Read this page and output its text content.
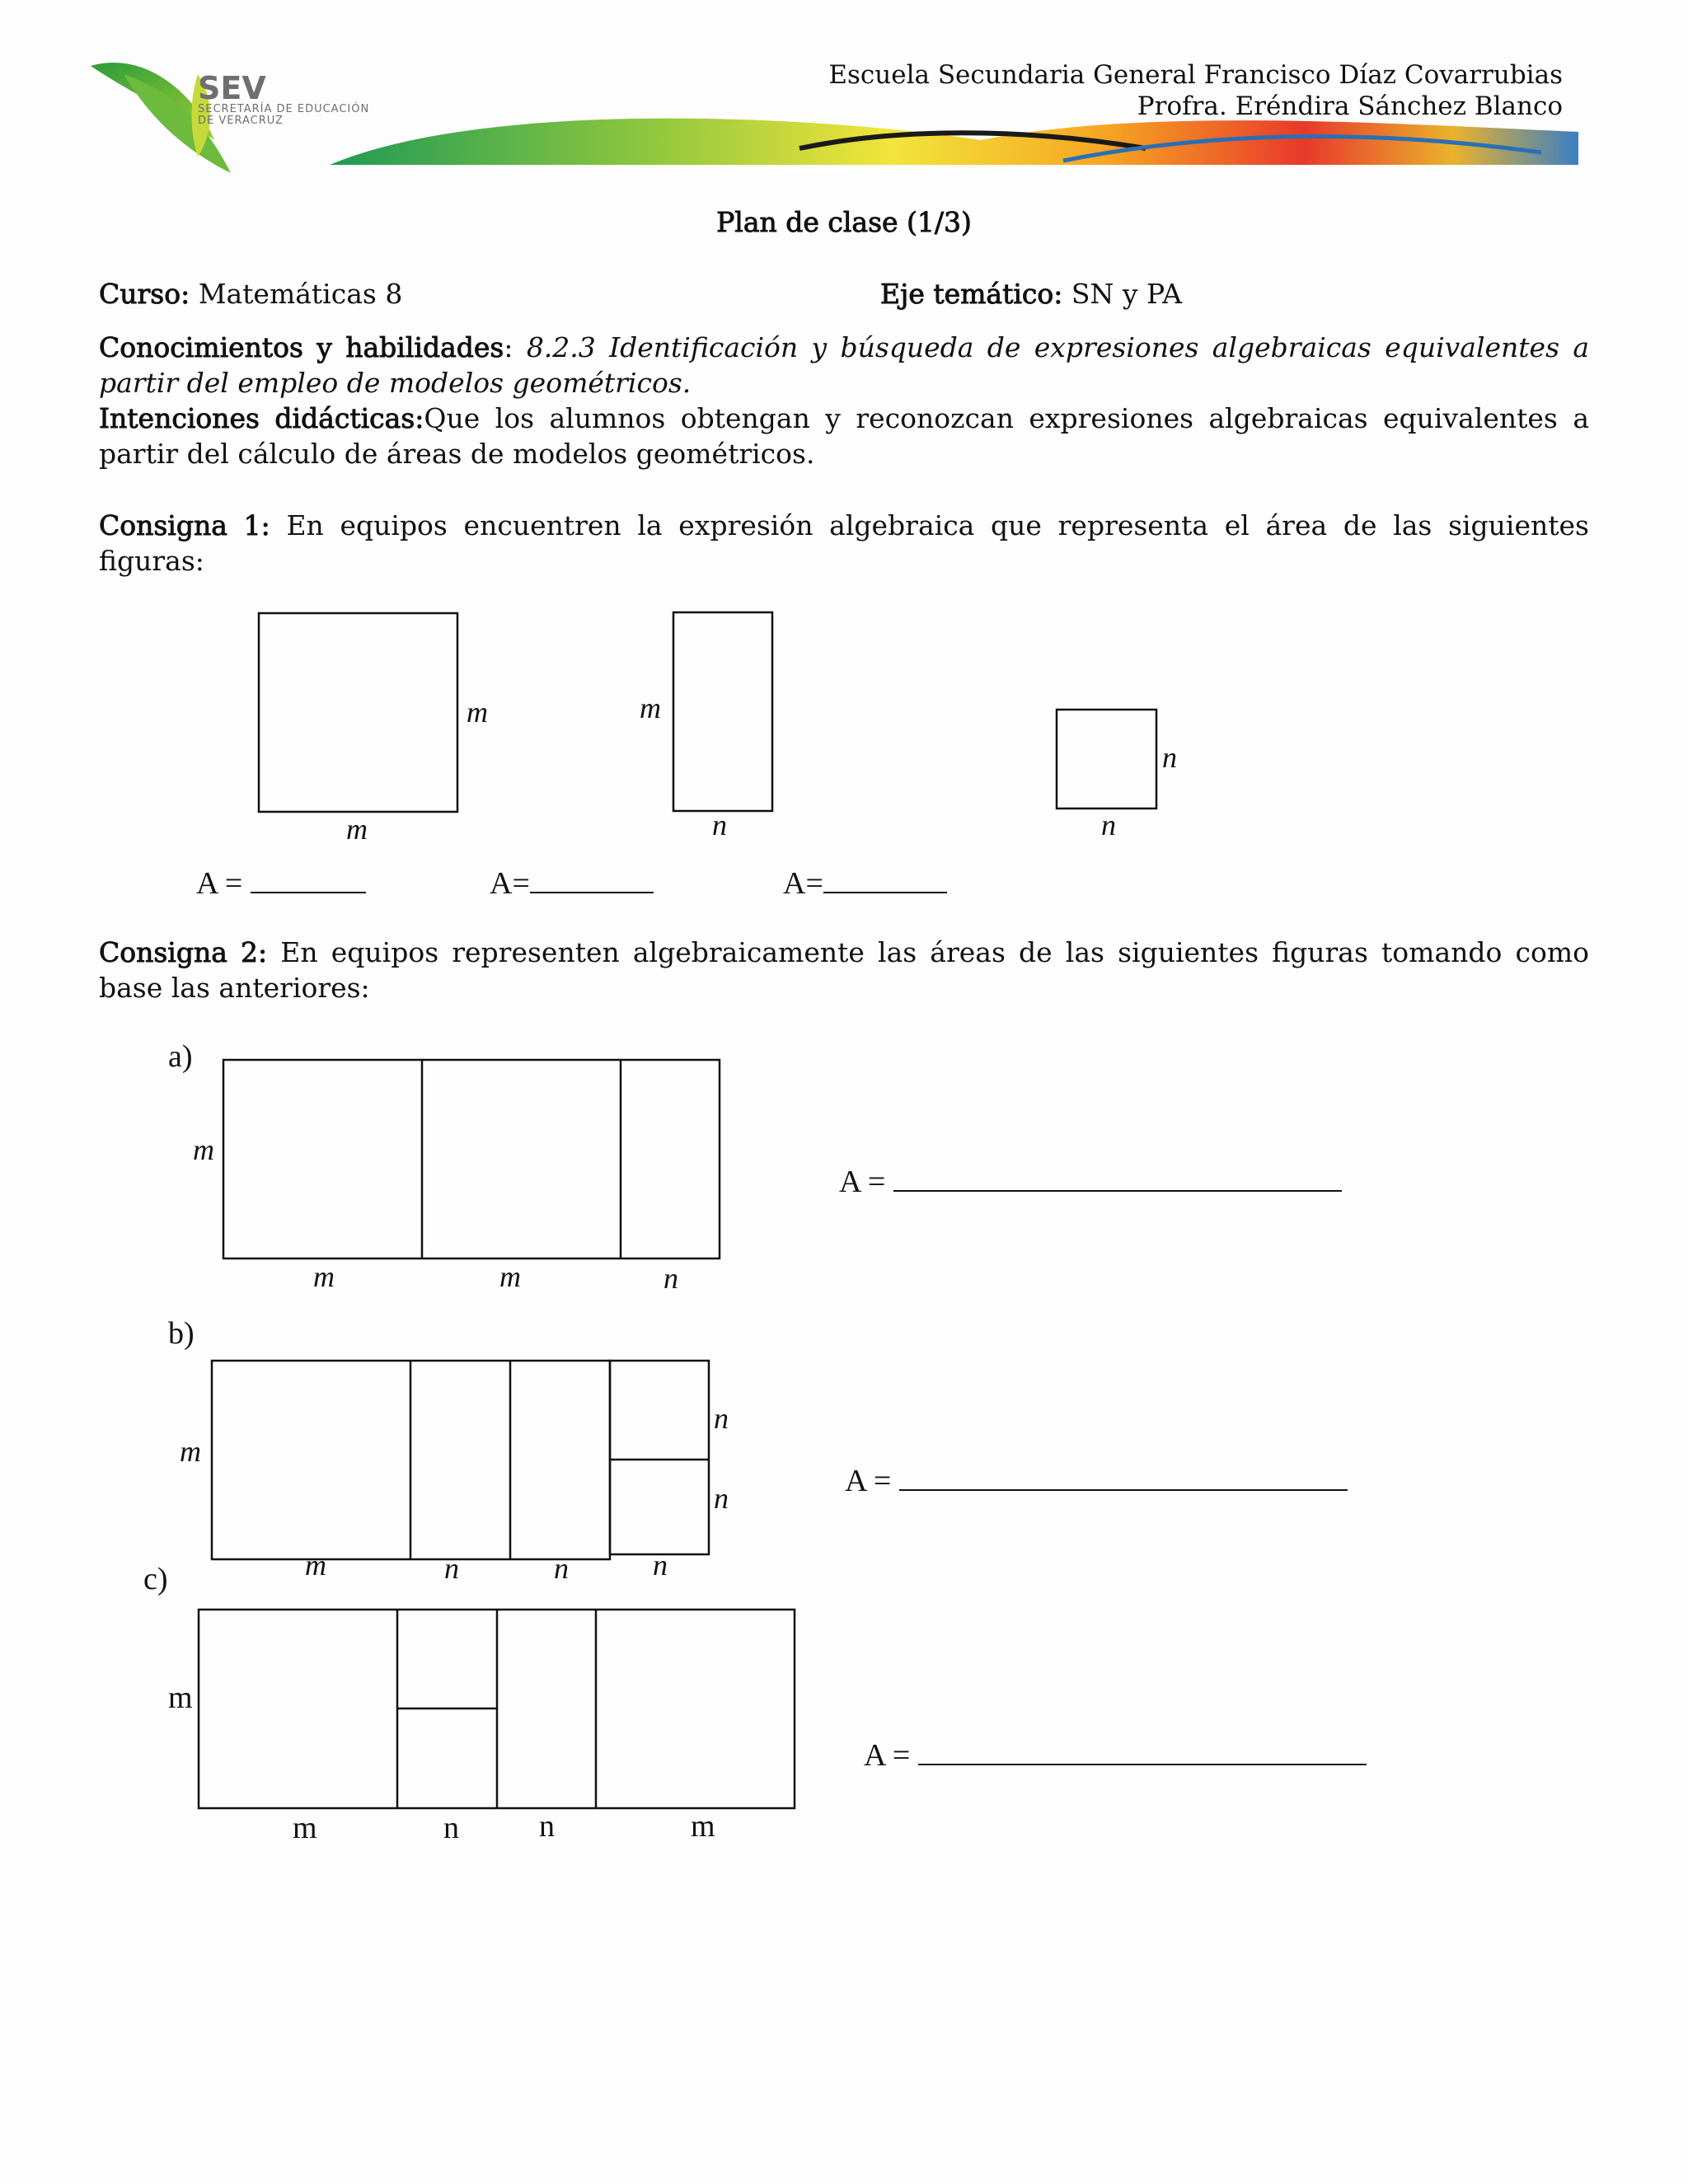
SEV
SECRETARÍA DE EDUCACIÓN
DE VERACRUZ
Escuela Secundaria General Francisco Díaz Covarrubias
Profra. Eréndira Sánchez Blanco
Plan de clase (1/3)
Curso: Matemáticas 8	Eje temático: SN y PA
Conocimientos y habilidades: 8.2.3 Identificación y búsqueda de expresiones algebraicas equivalentes a partir del empleo de modelos geométricos.
Intenciones didácticas:Que los alumnos obtengan y reconozcan expresiones algebraicas equivalentes a partir del cálculo de áreas de modelos geométricos.
Consigna 1: En equipos encuentren la expresión algebraica que representa el área de las siguientes figuras:
m
m
m
n
n
n
A =	A=	A=
Consigna 2: En equipos representen algebraicamente las áreas de las siguientes figuras tomando como base las anteriores:
a)
m
m	m	n
A =
b)
m
n
n
m	n	n	n
A =
c)
m
m	n	n	m
A =
